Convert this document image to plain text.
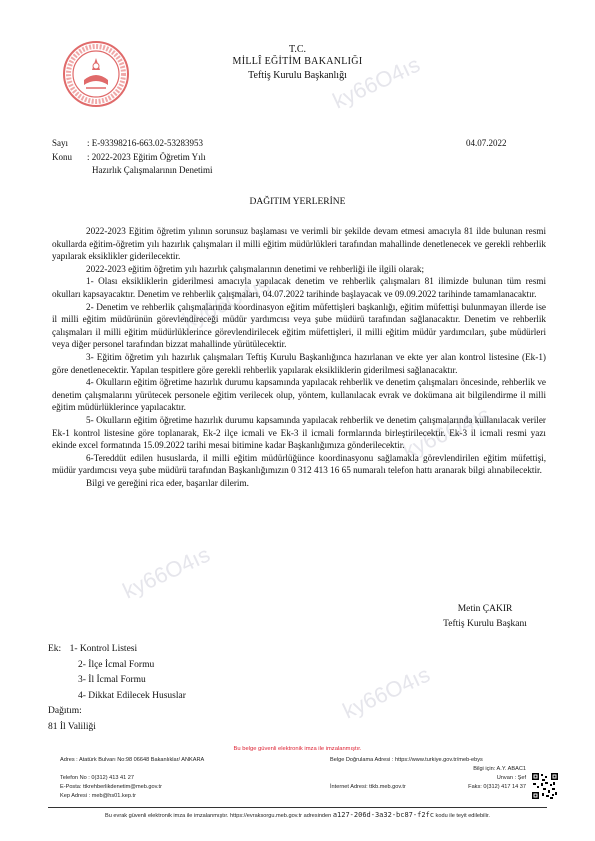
T.C.
MİLLÎ EĞİTİM BAKANLIĞI
Teftiş Kurulu Başkanlığı
ky66O4ıs
ky66O4ıs
ky66O4ıs
ky66O4ıs
ky66O4ıs
Sayı : E-93398216-663.02-53283953	04.07.2022
Konu : 2022-2023 Eğitim Öğretim Yılı
Hazırlık Çalışmalarının Denetimi
DAĞITIM YERLERİNE

2022-2023 Eğitim öğretim yılının sorunsuz başlaması ve verimli bir şekilde devam etmesi amacıyla 81 ilde bulunan resmi okullarda eğitim-öğretim yılı hazırlık çalışmaları il milli eğitim müdürlükleri tarafından mahallinde denetlenecek ve gerekli rehberlik yapılarak eksiklikler giderilecektir.

2022-2023 eğitim öğretim yılı hazırlık çalışmalarının denetimi ve rehberliği ile ilgili olarak;

1- Olası eksikliklerin giderilmesi amacıyla yapılacak denetim ve rehberlik çalışmaları 81 ilimizde bulunan tüm resmi okulları kapsayacaktır. Denetim ve rehberlik çalışmaları, 04.07.2022 tarihinde başlayacak ve 09.09.2022 tarihinde tamamlanacaktır.

2- Denetim ve rehberlik çalışmalarında koordinasyon eğitim müfettişleri başkanlığı, eğitim müfettişi bulunmayan illerde ise il milli eğitim müdürünün görevlendireceği müdür yardımcısı veya şube müdürü tarafından sağlanacaktır. Denetim ve rehberlik çalışmaları il milli eğitim müdürlüklerince görevlendirilecek eğitim müfettişleri, il milli eğitim müdür yardımcıları, şube müdürleri veya diğer personel tarafından bizzat mahallinde yürütülecektir.

3- Eğitim öğretim yılı hazırlık çalışmaları Teftiş Kurulu Başkanlığınca hazırlanan ve ekte yer alan kontrol listesine (Ek-1) göre denetlenecektir. Yapılan tespitlere göre gerekli rehberlik yapılarak eksikliklerin giderilmesi sağlanacaktır.

4- Okulların eğitim öğretime hazırlık durumu kapsamında yapılacak rehberlik ve denetim çalışmaları öncesinde, rehberlik ve denetim çalışmalarını yürütecek personele eğitim verilecek olup, yöntem, kullanılacak evrak ve dokümana ait bilgilendirme il milli eğitim müdürlüklerince yapılacaktır.

5- Okulların eğitim öğretime hazırlık durumu kapsamında yapılacak rehberlik ve denetim çalışmalarında kullanılacak veriler Ek-1 kontrol listesine göre toplanarak, Ek-2 ilçe icmali ve Ek-3 il icmali formlarında birleştirilecektir. Ek-3 il icmali resmi yazı ekinde excel formatında 15.09.2022 tarihi mesai bitimine kadar Başkanlığımıza gönderilecektir.

6-Tereddüt edilen hususlarda, il milli eğitim müdürlüğünce koordinasyonu sağlamakla görevlendirilen eğitim müfettişi, müdür yardımcısı veya şube müdürü tarafından Başkanlığımızın 0 312 413 16 65 numaralı telefon hattı aranarak bilgi alınabilecektir.

Bilgi ve gereğini rica eder, başarılar dilerim.

Metin ÇAKIR
Teftiş Kurulu Başkanı
Ek: 1- Kontrol Listesi
2- İlçe İcmal Formu
3- İl İcmal Formu
4- Dikkat Edilecek Hususlar
Dağıtım:
81 İl Valiliği
Bu belge güvenli elektronik imza ile imzalanmıştır.
Adres : Atatürk Bulvarı No:98 06648 Bakanlıklar/ ANKARA	Belge Doğrulama Adresi : https://www.turkiye.gov.tr/meb-ebys
Bilgi için: A.Y. ABAC1
Telefon No : 0(312) 413 41 27	Unvan : Şef
E-Posta: ttkrehberlikdenetim@meb.gov.tr	İnternet Adresi: ttkb.meb.gov.tr	Faks: 0(312) 417 14 37
Kep Adresi : meb@hs01.kep.tr
Bu evrak güvenli elektronik imza ile imzalanmıştır. https://evraksorgu.meb.gov.tr adresinden a127-206d-3a32-bc87-f2fc kodu ile teyit edilebilir.
